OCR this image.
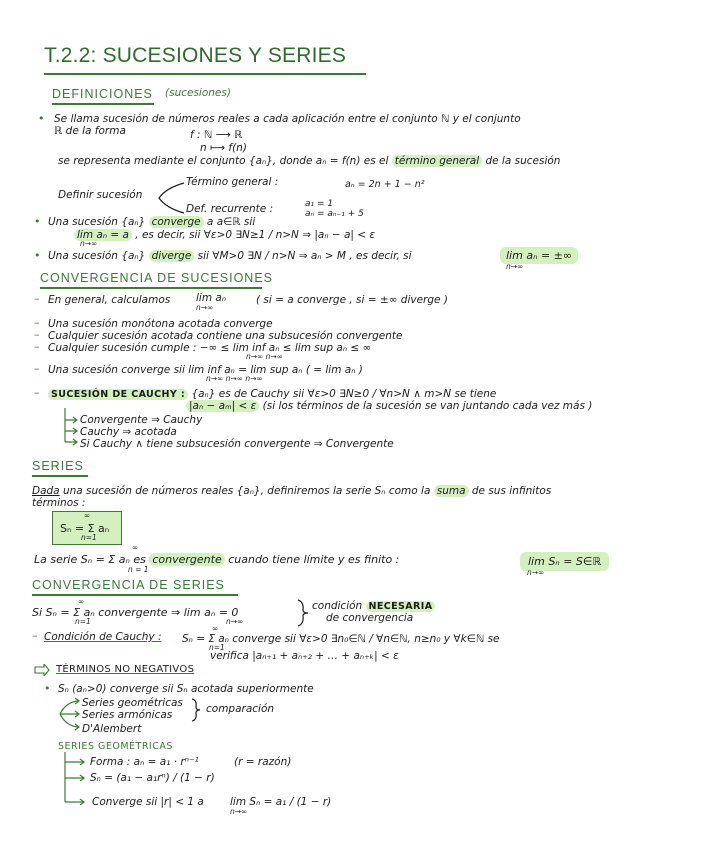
T.2.2: SUCESIONES Y SERIES
DEFINICIONES (sucesiones)
• Se llama sucesión de números reales a cada aplicación entre el conjunto ℕ y el conjunto
ℝ de la forma	f : ℕ ⟶ ℝ
n ⟼ f(n)
se representa mediante el conjunto {aₙ}, donde aₙ = f(n) es el término general de la sucesión
Definir sucesión
Término general :	aₙ = 2n + 1 − n²
Def. recurrente :	a₁ = 1
aₙ = aₙ₋₁ + 5
• Una sucesión {aₙ} converge a a∈ℝ sii
lim aₙ = a , es decir, sii ∀ε>0 ∃N≥1 / n>N ⇒ |aₙ − a| < ε
n→∞
• Una sucesión {aₙ} diverge sii ∀M>0 ∃N / n>N ⇒ aₙ > M , es decir, si	lim aₙ = ±∞
n→∞
CONVERGENCIA DE SUCESIONES
– En general, calculamos lim aₙ
n→∞
( si = a converge , si = ±∞ diverge )
– Una sucesión monótona acotada converge
– Cualquier sucesión acotada contiene una subsucesión convergente
– Cualquier sucesión cumple : −∞ ≤ lim inf aₙ ≤ lim sup aₙ ≤ ∞
n→∞ n→∞
– Una sucesión converge sii lim inf aₙ = lim sup aₙ ( = lim aₙ )
n→∞ n→∞ n→∞
–	SUCESIÓN DE CAUCHY : {aₙ} es de Cauchy sii ∀ε>0 ∃N≥0 / ∀n>N ∧ m>N se tiene
|aₙ − aₘ| < ε (si los términos de la sucesión se van juntando cada vez más )
Convergente ⇒ Cauchy
Cauchy ⇒ acotada
Si Cauchy ∧ tiene subsucesión convergente ⇒ Convergente
SERIES
Dada una sucesión de números reales {aₙ}, definiremos la serie Sₙ como la suma de sus infinitos
términos :
∞
Sₙ = Σ aₙ
n=1
La serie Sₙ = Σ aₙ es convergente cuando tiene límite y es finito :
∞
n = 1
lim Sₙ = S∈ℝ
n→∞
CONVERGENCIA DE SERIES
Si Sₙ = Σ aₙ convergente ⇒ lim aₙ = 0
∞
n=1	n→∞
condición NECESARIA
de convergencia
– Condición de Cauchy : Sₙ = Σ aₙ converge sii ∀ε>0 ∃n₀∈ℕ / ∀n∈ℕ, n≥n₀ y ∀k∈ℕ se
∞
n=1
verifica |aₙ₊₁ + aₙ₊₂ + … + aₙ₊ₖ| < ε
TÉRMINOS NO NEGATIVOS
• Sₙ (aₙ>0) converge sii Sₙ acotada superiormente
Series geométricas
Series armónicas
D'Alembert
comparación
SERIES GEOMÉTRICAS
Forma : aₙ = a₁ · rⁿ⁻¹	(r = razón)
Sₙ = (a₁ − a₁rⁿ) / (1 − r)
Converge sii |r| < 1 a lim Sₙ = a₁ / (1 − r)
n→∞
